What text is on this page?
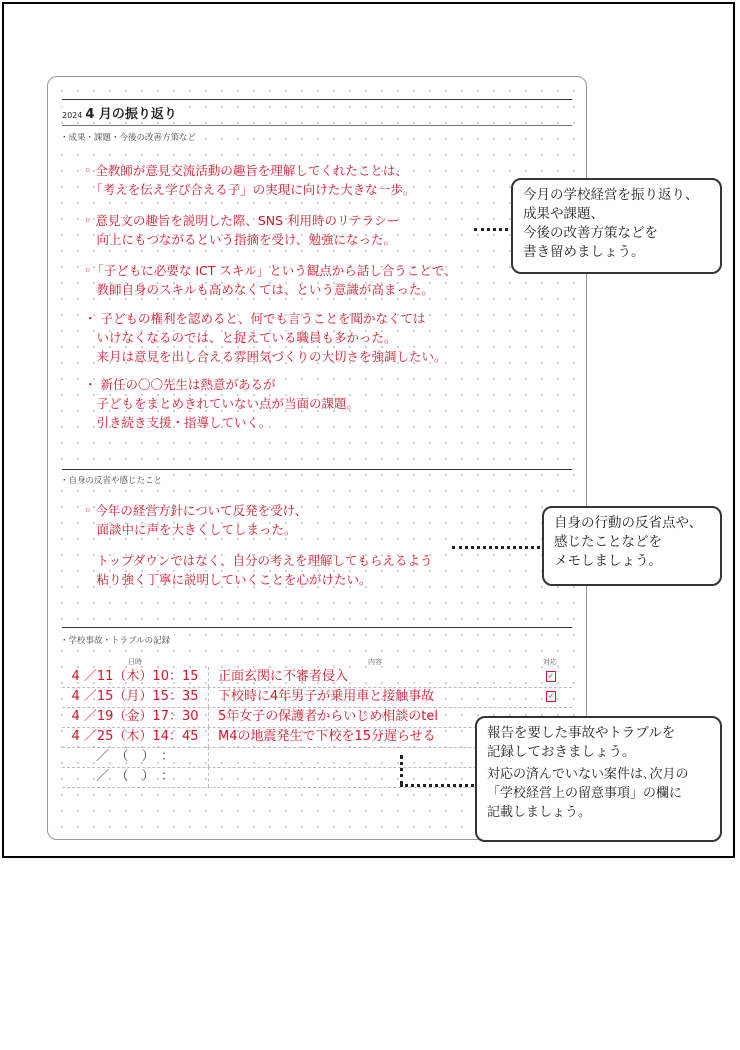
2024 4 月の振り返り
・成果・課題・今後の改善方策など
◦ 全教師が意見交流活動の趣旨を理解してくれたことは、
　「考えを伝え学び合える子」の実現に向けた大きな一歩。
◦ 意見文の趣旨を説明した際、SNS 利用時のリテラシー
　向上にもつながるという指摘を受け、勉強になった。
◦「子どもに必要な ICT スキル」という観点から話し合うことで、
　教師自身のスキルも高めなくては、という意識が高まった。
・ 子どもの権利を認めると、何でも言うことを聞かなくては
　いけなくなるのでは、と捉えている職員も多かった。
　来月は意見を出し合える雰囲気づくりの大切さを強調したい。
・ 新任の〇〇先生は熱意があるが
　子どもをまとめきれていない点が当面の課題。
　引き続き支援・指導していく。
・自身の反省や感じたこと
◦ 今年の経営方針について反発を受け、
　面談中に声を大きくしてしまった。
　トップダウンではなく、自分の考えを理解してもらえるよう
　粘り強く丁寧に説明していくことを心がけたい。
・学校事故・トラブルの記録
日時	内容	対応
4 ／11（木）10：15	正面玄関に不審者侵入	✓
4 ／15（月）15：35	下校時に4年男子が乗用車と接触事故	✓
4 ／19（金）17：30	5年女子の保護者からいじめ相談のtel
4 ／25（木）14：45	M4の地震発生で下校を15分遅らせる
／　（　）　：
／　（　）　：
今月の学校経営を振り返り、
成果や課題、
今後の改善方策などを
書き留めましょう。
自身の行動の反省点や、
感じたことなどを
メモしましょう。
報告を要した事故やトラブルを
記録しておきましょう。
対応の済んでいない案件は､次月の
「学校経営上の留意事項」の欄に
記載しましょう。
